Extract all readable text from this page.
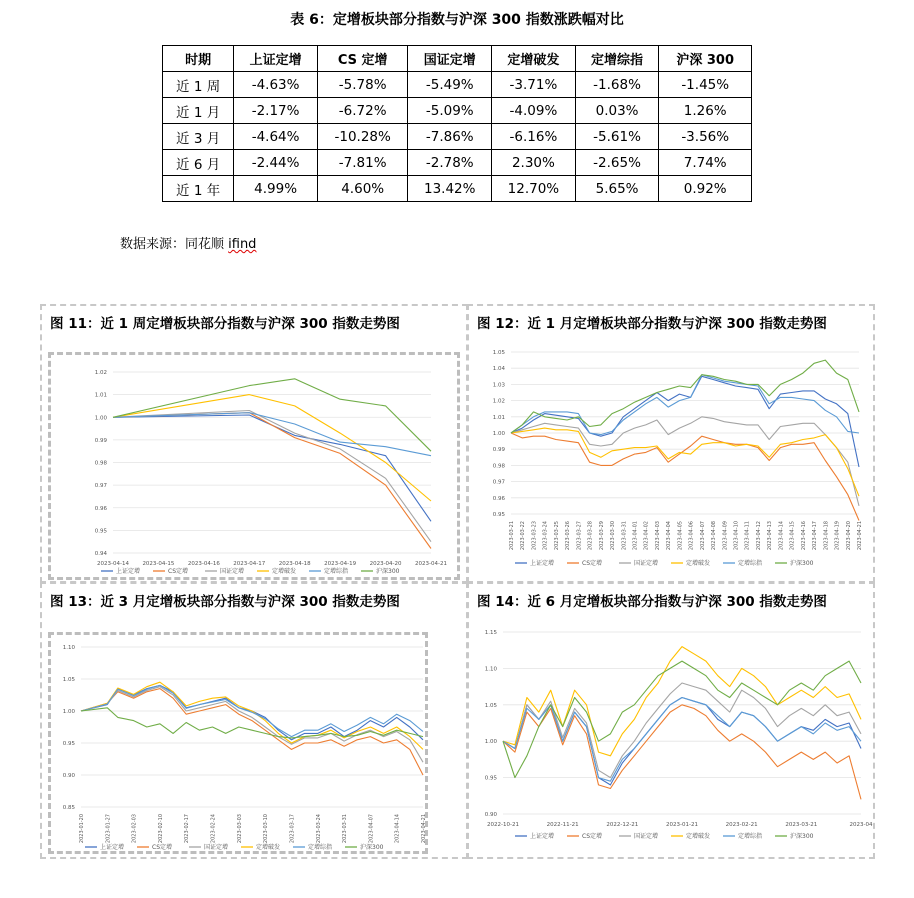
表 6：定增板块部分指数与沪深 300 指数涨跌幅对比
时期	上证定增	CS 定增	国证定增	定增破发	定增综指	沪深 300
近 1 周	-4.63%	-5.78%	-5.49%	-3.71%	-1.68%	-1.45%
近 1 月	-2.17%	-6.72%	-5.09%	-4.09%	0.03%	1.26%
近 3 月	-4.64%	-10.28%	-7.86%	-6.16%	-5.61%	-3.56%
近 6 月	-2.44%	-7.81%	-2.78%	2.30%	-2.65%	7.74%
近 1 年	4.99%	4.60%	13.42%	12.70%	5.65%	0.92%
数据来源：同花顺 ifind
图 11：近 1 周定增板块部分指数与沪深 300 指数走势图
0.94
0.95
0.96
0.97
0.98
0.99
1.00
1.01
1.02
2023-04-14 2023-04-15 2023-04-16 2023-04-17 2023-04-18 2023-04-19 2023-04-20 2023-04-21
上证定增	CS定增	国证定增	定增破发	定增综指	沪深300
图 12：近 1 月定增板块部分指数与沪深 300 指数走势图
0.95
0.96
0.97
0.98
0.99
1.00
1.01
1.02
1.03
1.04
1.05
2023-03-21 2023-03-22 2023-03-23 2023-03-24 2023-03-25 2023-03-26 2023-03-27 2023-03-28 2023-03-29 2023-03-30 2023-03-31 2023-04-01 2023-04-02 2023-04-03 2023-04-04 2023-04-05 2023-04-06 2023-04-07 2023-04-08 2023-04-09 2023-04-10 2023-04-11 2023-04-12 2023-04-13 2023-04-14 2023-04-15 2023-04-16 2023-04-17 2023-04-18 2023-04-19 2023-04-20 2023-04-21
上证定增	CS定增	国证定增	定增破发	定增综指	沪深300
图 13：近 3 月定增板块部分指数与沪深 300 指数走势图
0.85
0.90
0.95
1.00
1.05
1.10
2023-01-20	2023-01-27	2023-02-03	2023-02-10	2023-02-17	2023-02-24	2023-03-03	2023-03-10	2023-03-17	2023-03-24	2023-03-31	2023-04-07	2023-04-14	2023-04-21
上证定增	CS定增	国证定增	定增破发	定增综指	沪深300
图 14：近 6 月定增板块部分指数与沪深 300 指数走势图
0.90
0.95
1.00
1.05
1.10
1.15
2022-10-21	2022-11-21	2022-12-21	2023-01-21	2023-02-21	2023-03-21	2023-04
上证定增	CS定增	国证定增	定增破发	定增综指	沪深300
